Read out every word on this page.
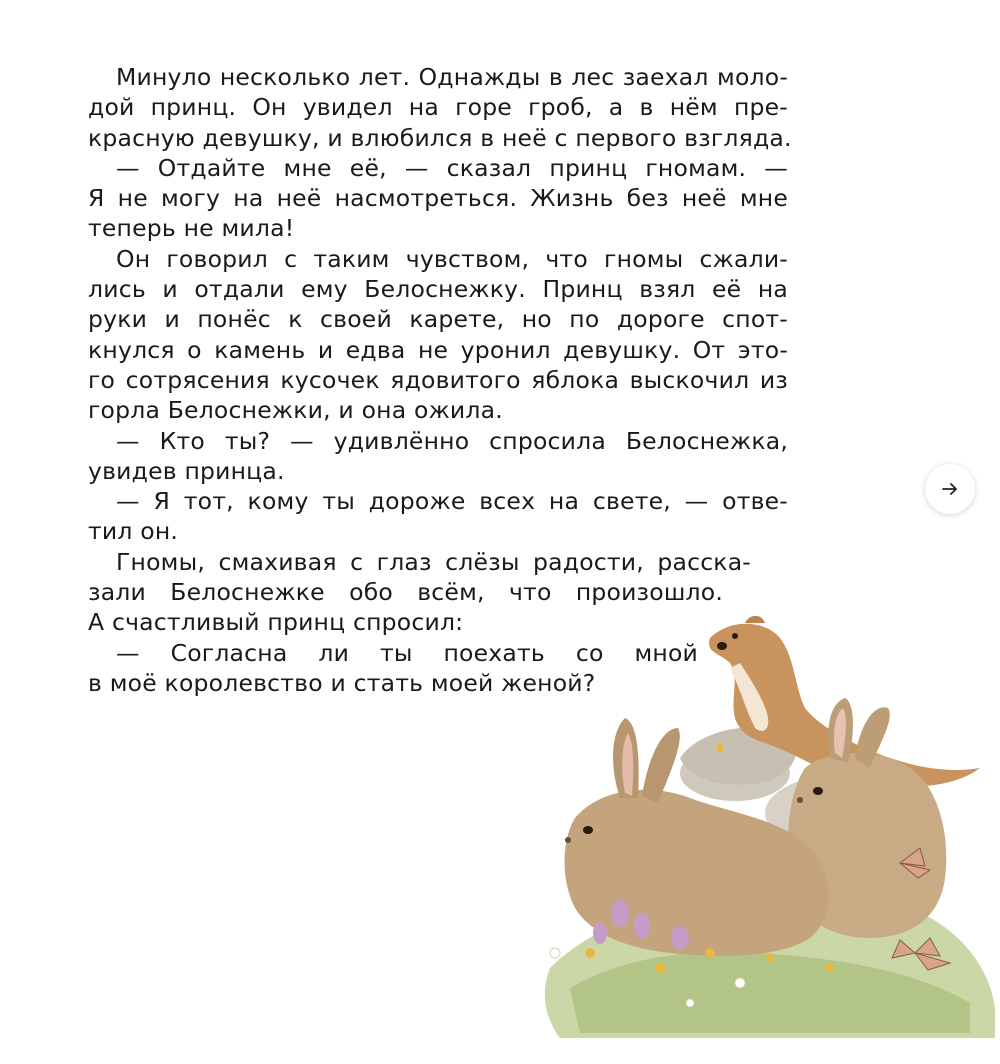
Минуло несколько лет. Однажды в лес заехал моло-
дой принц. Он увидел на горе гроб, а в нём пре-
красную девушку, и влюбился в неё с первого взгляда.
— Отдайте мне её, — сказал принц гномам. —
Я не могу на неё насмотреться. Жизнь без неё мне
теперь не мила!
Он говорил с таким чувством, что гномы сжали-
лись и отдали ему Белоснежку. Принц взял её на
руки и понёс к своей карете, но по дороге спот-
кнулся о камень и едва не уронил девушку. От это-
го сотрясения кусочек ядовитого яблока выскочил из
горла Белоснежки, и она ожила.
— Кто ты? — удивлённо спросила Белоснежка,
увидев принца.
— Я тот, кому ты дороже всех на свете, — отве-
тил он.
Гномы, смахивая с глаз слёзы радости, расска-
зали Белоснежке обо всём, что произошло.
А счастливый принц спросил:
— Согласна ли ты поехать со мной
в моё королевство и стать моей женой?
